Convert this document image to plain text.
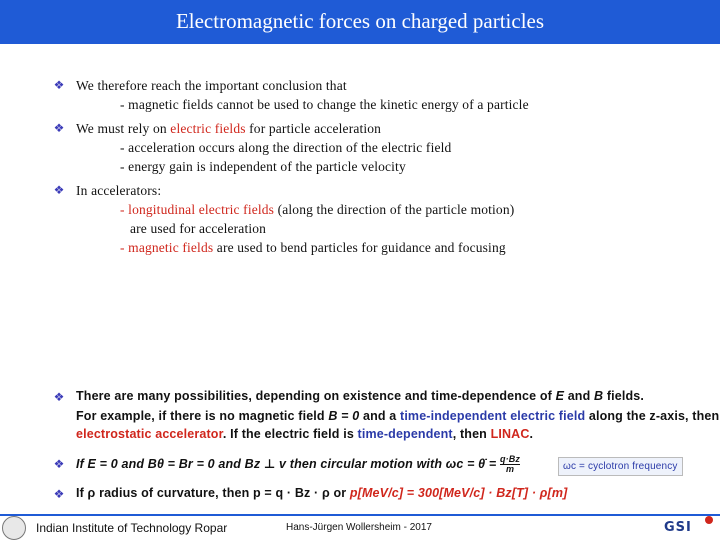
Electromagnetic forces on charged particles
❖ We therefore reach the important conclusion that
- magnetic fields cannot be used to change the kinetic energy of a particle
❖ We must rely on electric fields for particle acceleration
- acceleration occurs along the direction of the electric field
- energy gain is independent of the particle velocity
❖ In accelerators:
- longitudinal electric fields (along the direction of the particle motion)
are used for acceleration
- magnetic fields are used to bend particles for guidance and focusing
❖ There are many possibilities, depending on existence and time-dependence of E and B fields.
For example, if there is no magnetic field B = 0 and a time-independent electric field along the z-axis, then
electrostatic accelerator. If the electric field is time-dependent, then LINAC.
❖ If E = 0 and Bθ = Br = 0 and Bz ⊥ v then circular motion with ωc = θ̇ = $\frac{q\cdot Bz}{m}$	ωc = cyclotron frequency
❖ If ρ radius of curvature, then p = q · Bz · ρ or p[MeV/c] = 300[MeV/c] · Bz[T] · ρ[m]
Indian Institute of Technology Ropar	Hans-Jürgen Wollersheim - 2017	GSI
